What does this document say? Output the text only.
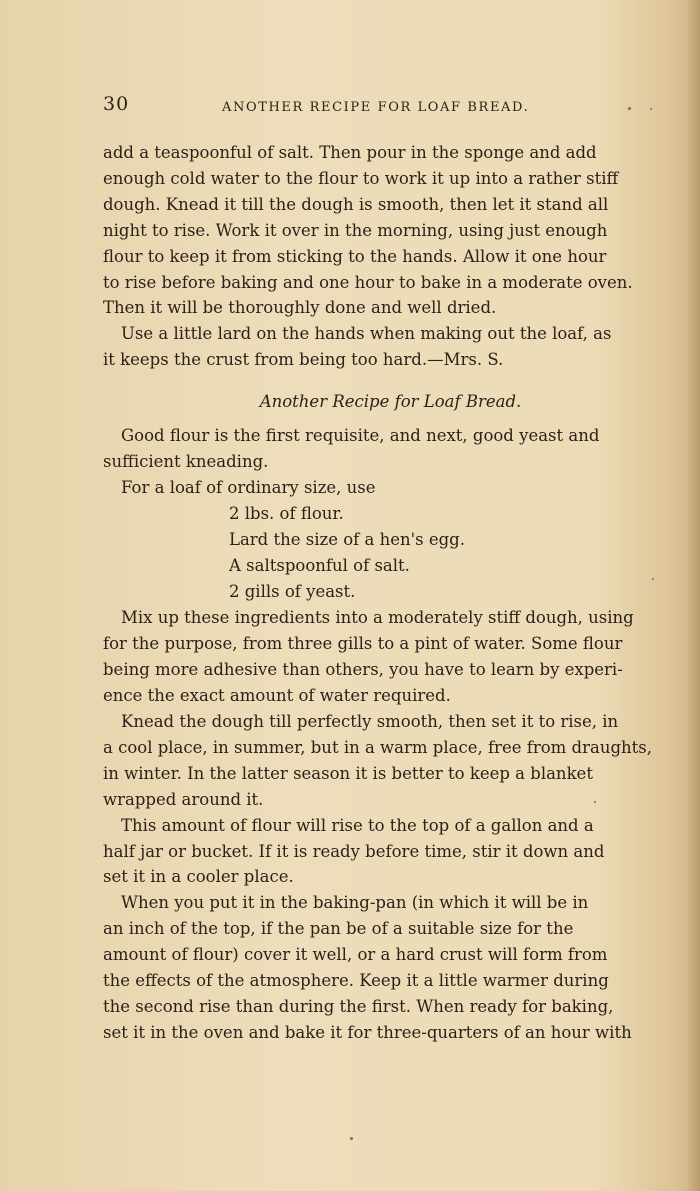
30	ANOTHER RECIPE FOR LOAF BREAD.

add a teaspoonful of salt. Then pour in the sponge and add

enough cold water to the flour to work it up into a rather stiff

dough. Knead it till the dough is smooth, then let it stand all

night to rise. Work it over in the morning, using just enough

flour to keep it from sticking to the hands. Allow it one hour

to rise before baking and one hour to bake in a moderate oven.

Then it will be thoroughly done and well dried.

Use a little lard on the hands when making out the loaf, as

it keeps the crust from being too hard.—Mrs. S.

Another Recipe for Loaf Bread.

Good flour is the first requisite, and next, good yeast and

sufficient kneading.

For a loaf of ordinary size, use

2 lbs. of flour.

Lard the size of a hen's egg.

A saltspoonful of salt.

2 gills of yeast.

Mix up these ingredients into a moderately stiff dough, using

for the purpose, from three gills to a pint of water. Some flour

being more adhesive than others, you have to learn by experi-

ence the exact amount of water required.

Knead the dough till perfectly smooth, then set it to rise, in

a cool place, in summer, but in a warm place, free from draughts,

in winter. In the latter season it is better to keep a blanket

wrapped around it.

This amount of flour will rise to the top of a gallon and a

half jar or bucket. If it is ready before time, stir it down and

set it in a cooler place.

When you put it in the baking-pan (in which it will be in

an inch of the top, if the pan be of a suitable size for the

amount of flour) cover it well, or a hard crust will form from

the effects of the atmosphere. Keep it a little warmer during

the second rise than during the first. When ready for baking,

set it in the oven and bake it for three-quarters of an hour with
